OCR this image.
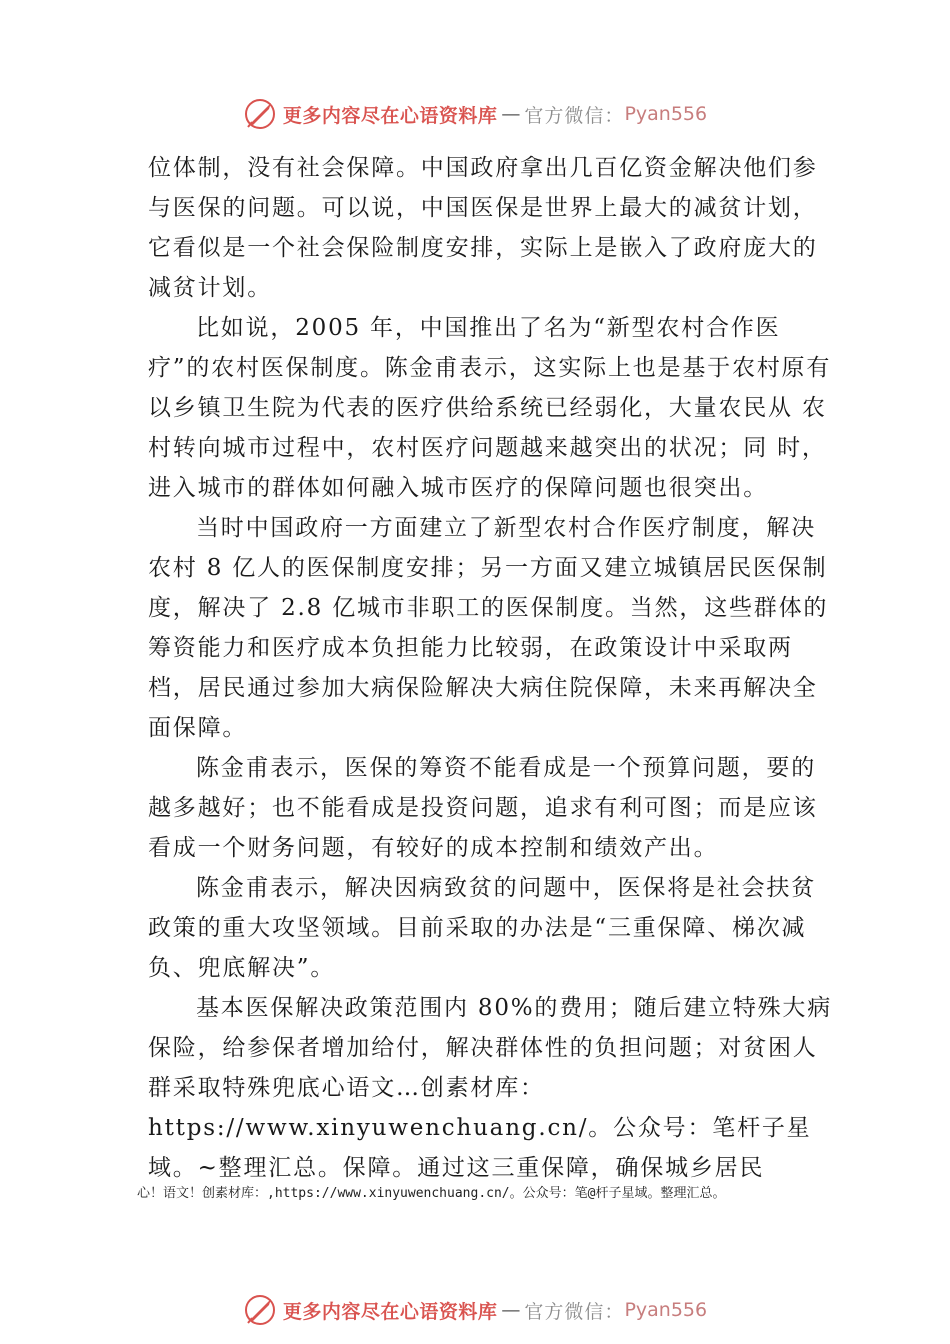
更多内容尽在心语资料库 — 官方微信： Pyan556

位体制，没有社会保障。中国政府拿出几百亿资金解决他们参与医保的问题。可以说，中国医保是世界上最大的减贫计划，它看似是一个社会保险制度安排，实际上是嵌入了政府庞大的减贫计划。

比如说，2005 年，中国推出了名为“新型农村合作医疗”的农村医保制度。陈金甫表示，这实际上也是基于农村原有 以乡镇卫生院为代表的医疗供给系统已经弱化，大量农民从 农村转向城市过程中，农村医疗问题越来越突出的状况；同 时，进入城市的群体如何融入城市医疗的保障问题也很突出。

当时中国政府一方面建立了新型农村合作医疗制度，解决农村 8 亿人的医保制度安排；另一方面又建立城镇居民医保制度，解决了 2.8 亿城市非职工的医保制度。当然，这些群体的筹资能力和医疗成本负担能力比较弱，在政策设计中采取两档，居民通过参加大病保险解决大病住院保障，未来再解决全面保障。

陈金甫表示，医保的筹资不能看成是一个预算问题，要的越多越好；也不能看成是投资问题，追求有利可图；而是应该看成一个财务问题，有较好的成本控制和绩效产出。

陈金甫表示，解决因病致贫的问题中，医保将是社会扶贫政策的重大攻坚领域。目前采取的办法是“三重保障、梯次减负、兜底解决”。

基本医保解决政策范围内 80%的费用；随后建立特殊大病保险，给参保者增加给付，解决群体性的负担问题；对贫困人群采取特殊兜底心语文…创素材库：https://www.xinyuwenchuang.cn/。公众号：笔杆子星域。~整理汇总。保障。通过这三重保障，确保城乡居民

心！语文！创素材库：,https://www.xinyuwenchuang.cn/。公众号：笔@杆子星域。整理汇总。
更多内容尽在心语资料库 — 官方微信： Pyan556
